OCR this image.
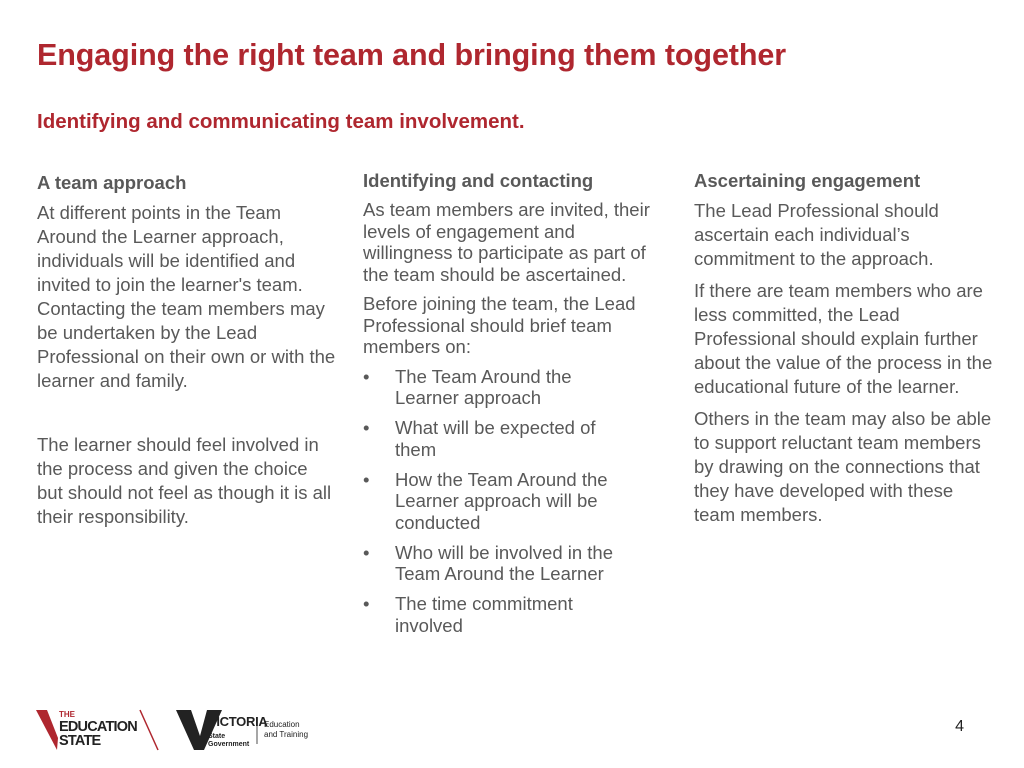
Engaging the right team and bringing them together
Identifying and communicating team involvement.
A team approach

At different points in the Team Around the Learner approach, individuals will be identified and invited to join the learner's team. Contacting the team members may be undertaken by the Lead Professional on their own or with the learner and family.

The learner should feel involved in the process and given the choice but should not feel as though it is all their responsibility.

Identifying and contacting

As team members are invited, their levels of engagement and willingness to participate as part of the team should be ascertained.

Before joining the team, the Lead Professional should brief team members on:

• The Team Around the Learner approach
• What will be expected of them
• How the Team Around the Learner approach will be conducted
• Who will be involved in the Team Around the Learner
• The time commitment involved
Ascertaining engagement

The Lead Professional should ascertain each individual’s commitment to the approach.

If there are team members who are less committed, the Lead Professional should explain further about the value of the process in the educational future of the learner.

Others in the team may also be able to support reluctant team members by drawing on the connections that they have developed with these team members.

THE
EDUCATION
STATE
VICTORIA
State
Government
Education
and Training	4
